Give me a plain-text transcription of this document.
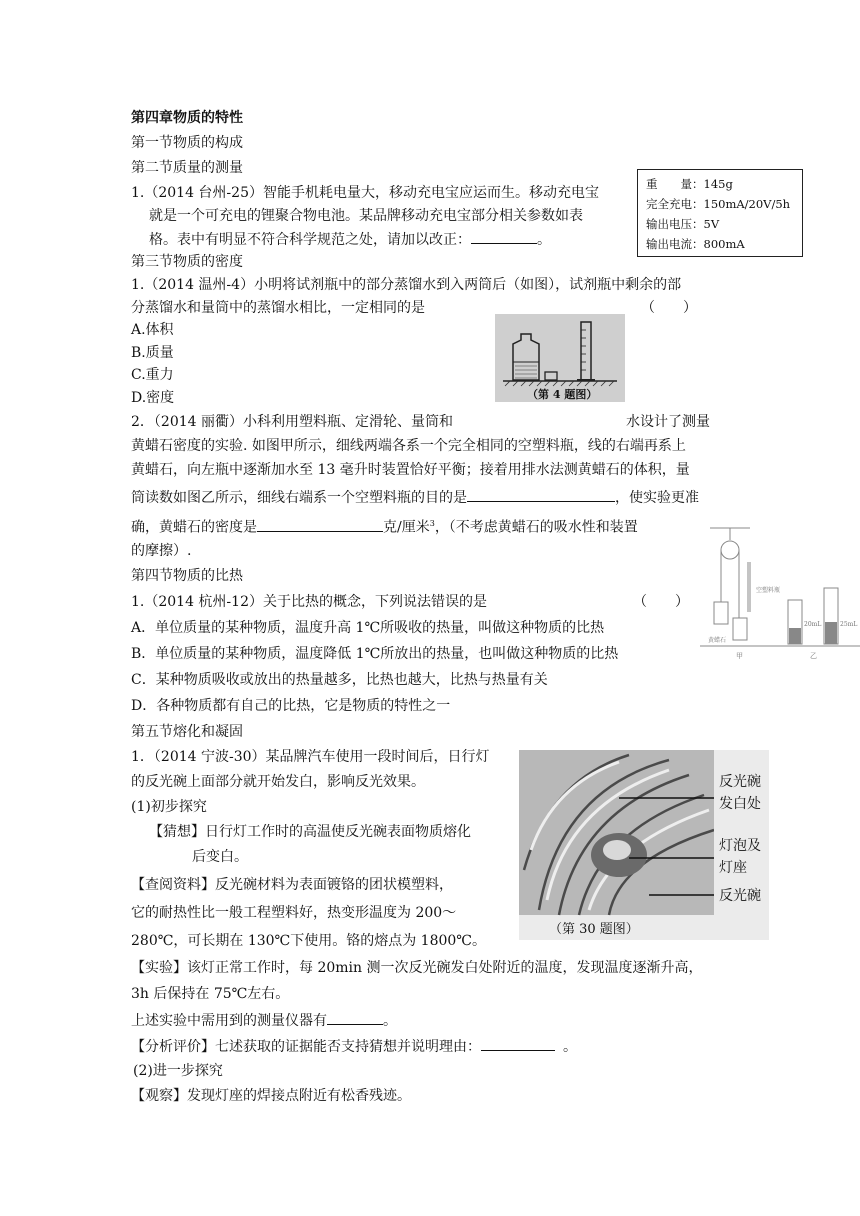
第四章物质的特性
第一节物质的构成
第二节质量的测量
1.（2014 台州-25）智能手机耗电量大，移动充电宝应运而生。移动充电宝
就是一个可充电的锂聚合物电池。某品牌移动充电宝部分相关参数如表
格。表中有明显不符合科学规范之处，请加以改正：	。
重　　量：145g
完全充电：150mA/20V/5h
输出电压：5V
输出电流：800mA
第三节物质的密度
1.（2014 温州-4）小明将试剂瓶中的部分蒸馏水到入两筒后（如图），试剂瓶中剩余的部
分蒸馏水和量筒中的蒸馏水相比，一定相同的是	（　　）
A.体积
B.质量
C.重力
D.密度	（第 4 题图）
2．（2014 丽衢）小科利用塑料瓶、定滑轮、量筒和	水设计了测量
黄蜡石密度的实验. 如图甲所示，细线两端各系一个完全相同的空塑料瓶，线的右端再系上
黄蜡石，向左瓶中逐渐加水至 13 毫升时装置恰好平衡；接着用排水法测黄蜡石的体积，量
筒读数如图乙所示，细线右端系一个空塑料瓶的目的是	，使实验更准
确，黄蜡石的密度是	克/厘米$^3$，（不考虑黄蜡石的吸水性和装置
的摩擦）.
黄蜡石
空塑料瓶
20mL	25mL
甲	乙
第四节物质的比热
1.（2014 杭州-12）关于比热的概念，下列说法错误的是	（　　）
A．单位质量的某种物质，温度升高 1℃所吸收的热量，叫做这种物质的比热
B．单位质量的某种物质，温度降低 1℃所放出的热量，也叫做这种物质的比热
C．某种物质吸收或放出的热量越多，比热也越大，比热与热量有关
D．各种物质都有自己的比热，它是物质的特性之一
第五节熔化和凝固
1．（2014 宁波-30）某品牌汽车使用一段时间后，日行灯
的反光碗上面部分就开始发白，影响反光效果。
(1)初步探究
【猜想】日行灯工作时的高温使反光碗表面物质熔化
后变白。
【查阅资料】反光碗材料为表面镀铬的团状模塑料，
它的耐热性比一般工程塑料好，热变形温度为 200～
280℃，可长期在 130℃下使用。铬的熔点为 1800℃。
【实验】该灯正常工作时，每 20min 测一次反光碗发白处附近的温度，发现温度逐渐升高，
3h 后保持在 75℃左右。
上述实验中需用到的测量仪器有	。
【分析评价】七述获取的证据能否支持猜想并说明理由：	。
(2)进一步探究
【观察】发现灯座的焊接点附近有松香残迹。
反光碗
发白处
灯泡及
灯座
反光碗
（第 30 题图）
